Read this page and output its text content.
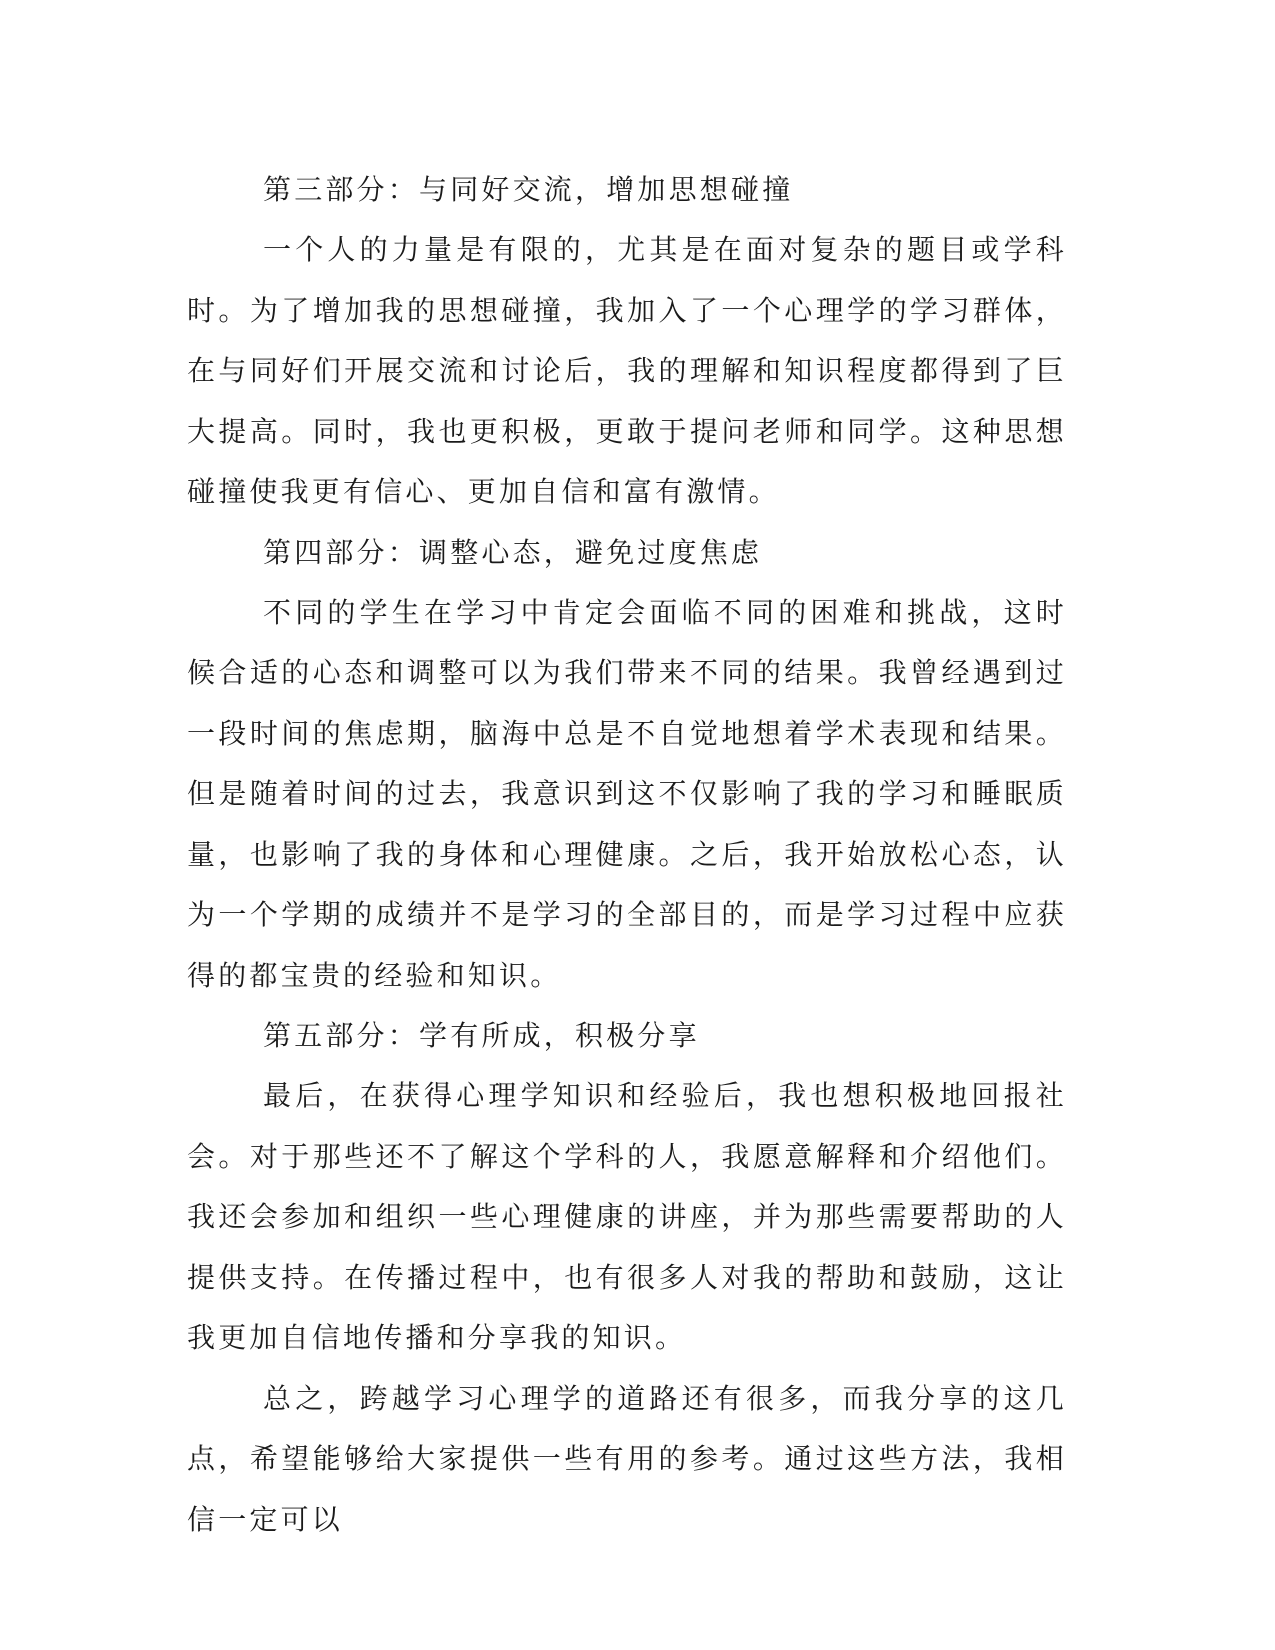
第三部分：与同好交流，增加思想碰撞

一个人的力量是有限的，尤其是在面对复杂的题目或学科时。为了增加我的思想碰撞，我加入了一个心理学的学习群体，在与同好们开展交流和讨论后，我的理解和知识程度都得到了巨大提高。同时，我也更积极，更敢于提问老师和同学。这种思想碰撞使我更有信心、更加自信和富有激情。

第四部分：调整心态，避免过度焦虑

不同的学生在学习中肯定会面临不同的困难和挑战，这时候合适的心态和调整可以为我们带来不同的结果。我曾经遇到过一段时间的焦虑期，脑海中总是不自觉地想着学术表现和结果。但是随着时间的过去，我意识到这不仅影响了我的学习和睡眠质量，也影响了我的身体和心理健康。之后，我开始放松心态，认为一个学期的成绩并不是学习的全部目的，而是学习过程中应获得的都宝贵的经验和知识。

第五部分：学有所成，积极分享

最后，在获得心理学知识和经验后，我也想积极地回报社会。对于那些还不了解这个学科的人，我愿意解释和介绍他们。我还会参加和组织一些心理健康的讲座，并为那些需要帮助的人提供支持。在传播过程中，也有很多人对我的帮助和鼓励，这让我更加自信地传播和分享我的知识。

总之，跨越学习心理学的道路还有很多，而我分享的这几点，希望能够给大家提供一些有用的参考。通过这些方法，我相信一定可以
